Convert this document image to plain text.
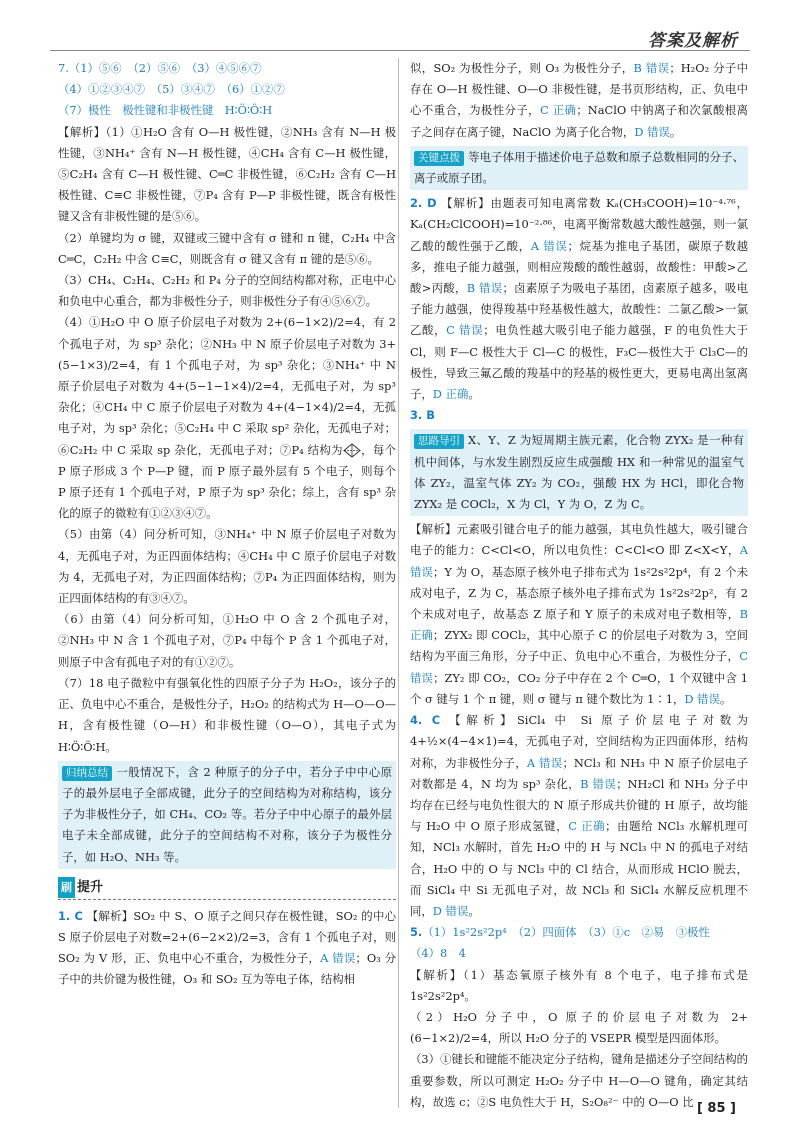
答案及解析

7.（1）⑤⑥　（2）⑤⑥　（3）④⑤⑥⑦

（4）①②③④⑦　（5）③④⑦　（6）①②⑦

（7）极性　极性键和非极性键　H∶Ö∶Ö∶H

【解析】（1）①H₂O 含有 O—H 极性键，②NH₃ 含有 N—H 极性键，③NH₄⁺ 含有 N—H 极性键，④CH₄ 含有 C—H 极性键，⑤C₂H₄ 含有 C—H 极性键、C═C 非极性键，⑥C₂H₂ 含有 C—H 极性键、C≡C 非极性键，⑦P₄ 含有 P—P 非极性键，既含有极性键又含有非极性键的是⑤⑥。

（2）单键均为 σ 键，双键或三键中含有 σ 键和 π 键，C₂H₄ 中含 C═C，C₂H₂ 中含 C≡C，则既含有 σ 键又含有 π 键的是⑤⑥。

（3）CH₄、C₂H₄、C₂H₂ 和 P₄ 分子的空间结构都对称，正电中心和负电中心重合，都为非极性分子，则非极性分子有④⑤⑥⑦。

（4）①H₂O 中 O 原子价层电子对数为 2+(6−1×2)/2=4，有 2 个孤电子对，为 sp³ 杂化；②NH₃ 中 N 原子价层电子对数为 3+(5−1×3)/2=4，有 1 个孤电子对，为 sp³ 杂化；③NH₄⁺ 中 N 原子价层电子对数为 4+(5−1−1×4)/2=4，无孤电子对，为 sp³ 杂化；④CH₄ 中 C 原子价层电子对数为 4+(4−1×4)/2=4，无孤电子对，为 sp³ 杂化；⑤C₂H₄ 中 C 采取 sp² 杂化，无孤电子对；⑥C₂H₂ 中 C 采取 sp 杂化，无孤电子对；⑦P₄ 结构为 ，每个 P 原子形成 3 个 P—P 键，而 P 原子最外层有 5 个电子，则每个 P 原子还有 1 个孤电子对，P 原子为 sp³ 杂化；综上，含有 sp³ 杂化的原子的微粒有①②③④⑦。

（5）由第（4）问分析可知，③NH₄⁺ 中 N 原子价层电子对数为 4，无孤电子对，为正四面体结构；④CH₄ 中 C 原子价层电子对数为 4，无孤电子对，为正四面体结构；⑦P₄ 为正四面体结构，则为正四面体结构的有③④⑦。

（6）由第（4）问分析可知，①H₂O 中 O 含 2 个孤电子对，②NH₃ 中 N 含 1 个孤电子对，⑦P₄ 中每个 P 含 1 个孤电子对，则原子中含有孤电子对的有①②⑦。

（7）18 电子微粒中有强氧化性的四原子分子为 H₂O₂，该分子的正、负电中心不重合，是极性分子，H₂O₂ 的结构式为 H—O—O—H，含有极性键（O—H）和非极性键（O—O），其电子式为 H∶Ö∶Ö∶H。

归纳总结 一般情况下，含 2 种原子的分子中，若分子中中心原子的最外层电子全部成键，此分子的空间结构为对称结构，该分子为非极性分子，如 CH₄、CO₂ 等。若分子中中心原子的最外层电子未全部成键，此分子的空间结构不对称，该分子为极性分子，如 H₂O、NH₃ 等。
刷 提升

1. C 【解析】SO₂ 中 S、O 原子之间只存在极性键，SO₂ 的中心 S 原子价层电子对数=2+(6−2×2)/2=3，含有 1 个孤电子对，则 SO₂ 为 V 形，正、负电中心不重合，为极性分子，A 错误；O₃ 分子中的共价键为极性键，O₃ 和 SO₂ 互为等电子体，结构相

似，SO₂ 为极性分子，则 O₃ 为极性分子，B 错误；H₂O₂ 分子中存在 O—H 极性键、O—O 非极性键，是书页形结构，正、负电中心不重合，为极性分子，C 正确；NaClO 中钠离子和次氯酸根离子之间存在离子键，NaClO 为离子化合物，D 错误。

关键点拨 等电子体用于描述价电子总数和原子总数相同的分子、离子或原子团。

2. D 【解析】由题表可知电离常数 Kₐ(CH₃COOH)=10⁻⁴·⁷⁶，Kₐ(CH₂ClCOOH)=10⁻²·⁸⁶，电离平衡常数越大酸性越强，则一氯乙酸的酸性强于乙酸，A 错误；烷基为推电子基团，碳原子数越多，推电子能力越强，则相应羧酸的酸性越弱，故酸性：甲酸>乙酸>丙酸，B 错误；卤素原子为吸电子基团，卤素原子越多，吸电子能力越强，使得羧基中羟基极性越大，故酸性：二氯乙酸>一氯乙酸，C 错误；电负性越大吸引电子能力越强，F 的电负性大于 Cl，则 F—C 极性大于 Cl—C 的极性，F₃C—极性大于 Cl₃C—的极性，导致三氟乙酸的羧基中的羟基的极性更大，更易电离出氢离子，D 正确。

3. B

思路导引 X、Y、Z 为短周期主族元素，化合物 ZYX₂ 是一种有机中间体，与水发生剧烈反应生成强酸 HX 和一种常见的温室气体 ZY₂，温室气体 ZY₂ 为 CO₂，强酸 HX 为 HCl，即化合物 ZYX₂ 是 COCl₂，X 为 Cl，Y 为 O，Z 为 C。

【解析】元素吸引键合电子的能力越强，其电负性越大，吸引键合电子的能力：C<Cl<O，所以电负性：C<Cl<O 即 Z<X<Y，A 错误；Y 为 O，基态原子核外电子排布式为 1s²2s²2p⁴，有 2 个未成对电子，Z 为 C，基态原子核外电子排布式为 1s²2s²2p²，有 2 个未成对电子，故基态 Z 原子和 Y 原子的未成对电子数相等，B 正确；ZYX₂ 即 COCl₂，其中心原子 C 的价层电子对数为 3，空间结构为平面三角形，分子中正、负电中心不重合，为极性分子，C 错误；ZY₂ 即 CO₂，CO₂ 分子中存在 2 个 C═O，1 个双键中含 1 个 σ 键与 1 个 π 键，则 σ 键与 π 键个数比为 1∶1，D 错误。

4. C 【解析】SiCl₄ 中 Si 原子价层电子对数为 4+½×(4−4×1)=4，无孤电子对，空间结构为正四面体形，结构对称，为非极性分子，A 错误；NCl₃ 和 NH₃ 中 N 原子价层电子对数都是 4，N 均为 sp³ 杂化，B 错误；NH₂Cl 和 NH₃ 分子中均存在已经与电负性很大的 N 原子形成共价键的 H 原子，故均能与 H₂O 中 O 原子形成氢键，C 正确；由题给 NCl₃ 水解机理可知，NCl₃ 水解时，首先 H₂O 中的 H 与 NCl₃ 中 N 的孤电子对结合，H₂O 中的 O 与 NCl₃ 中的 Cl 结合，从而形成 HClO 脱去，而 SiCl₄ 中 Si 无孤电子对，故 NCl₃ 和 SiCl₄ 水解反应机理不同，D 错误。

5.（1）1s²2s²2p⁴　（2）四面体　（3）①c　②易　③极性

（4）8　4

【解析】（1）基态氧原子核外有 8 个电子，电子排布式是 1s²2s²2p⁴。

（2）H₂O 分子中，O 原子的价层电子对数为 2+(6−1×2)/2=4，所以 H₂O 分子的 VSEPR 模型是四面体形。

（3）①键长和键能不能决定分子结构，键角是描述分子空间结构的重要参数，所以可测定 H₂O₂ 分子中 H—O—O 键角，确定其结构，故选 c；②S 电负性大于 H，S₂O₈²⁻ 中的 O—O 比 [ 85 ]
